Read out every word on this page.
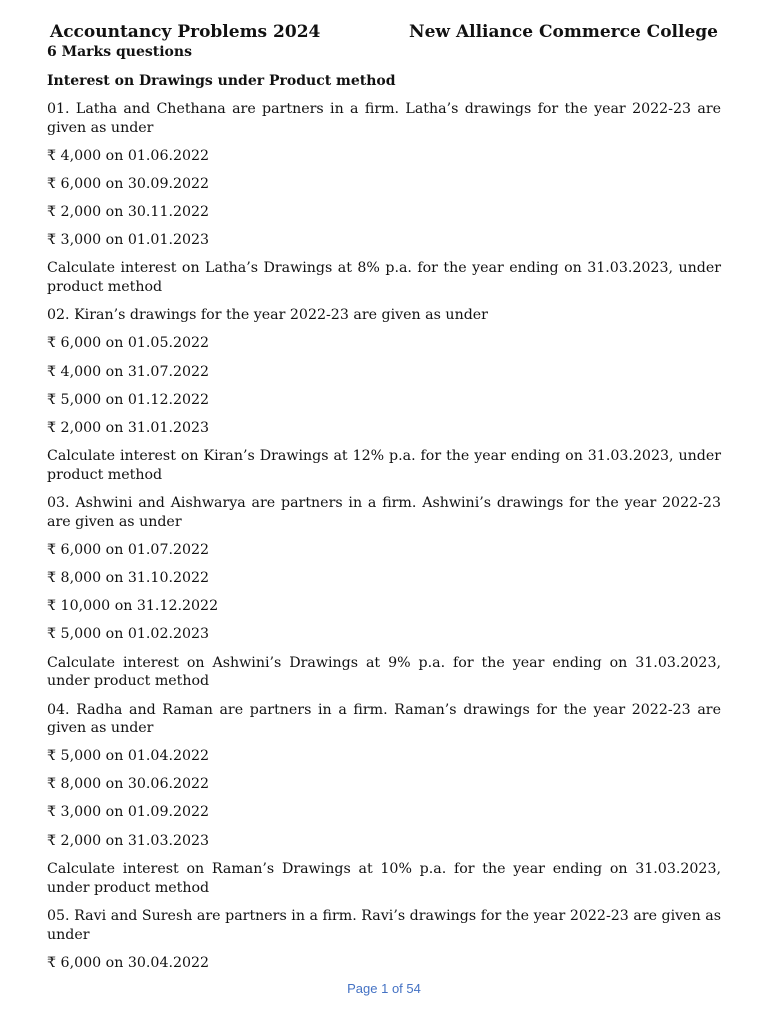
Accountancy Problems 2024	New Alliance Commerce College

6 Marks questions

Interest on Drawings under Product method

01. Latha and Chethana are partners in a firm. Latha’s drawings for the year 2022-23 are given as under

₹ 4,000 on 01.06.2022

₹ 6,000 on 30.09.2022

₹ 2,000 on 30.11.2022

₹ 3,000 on 01.01.2023

Calculate interest on Latha’s Drawings at 8% p.a. for the year ending on 31.03.2023, under product method

02. Kiran’s drawings for the year 2022-23 are given as under

₹ 6,000 on 01.05.2022

₹ 4,000 on 31.07.2022

₹ 5,000 on 01.12.2022

₹ 2,000 on 31.01.2023

Calculate interest on Kiran’s Drawings at 12% p.a. for the year ending on 31.03.2023, under product method

03. Ashwini and Aishwarya are partners in a firm. Ashwini’s drawings for the year 2022-23 are given as under

₹ 6,000 on 01.07.2022

₹ 8,000 on 31.10.2022

₹ 10,000 on 31.12.2022

₹ 5,000 on 01.02.2023

Calculate interest on Ashwini’s Drawings at 9% p.a. for the year ending on 31.03.2023, under product method

04. Radha and Raman are partners in a firm. Raman’s drawings for the year 2022-23 are given as under

₹ 5,000 on 01.04.2022

₹ 8,000 on 30.06.2022

₹ 3,000 on 01.09.2022

₹ 2,000 on 31.03.2023

Calculate interest on Raman’s Drawings at 10% p.a. for the year ending on 31.03.2023, under product method

05. Ravi and Suresh are partners in a firm. Ravi’s drawings for the year 2022-23 are given as under

₹ 6,000 on 30.04.2022

Page 1 of 54
